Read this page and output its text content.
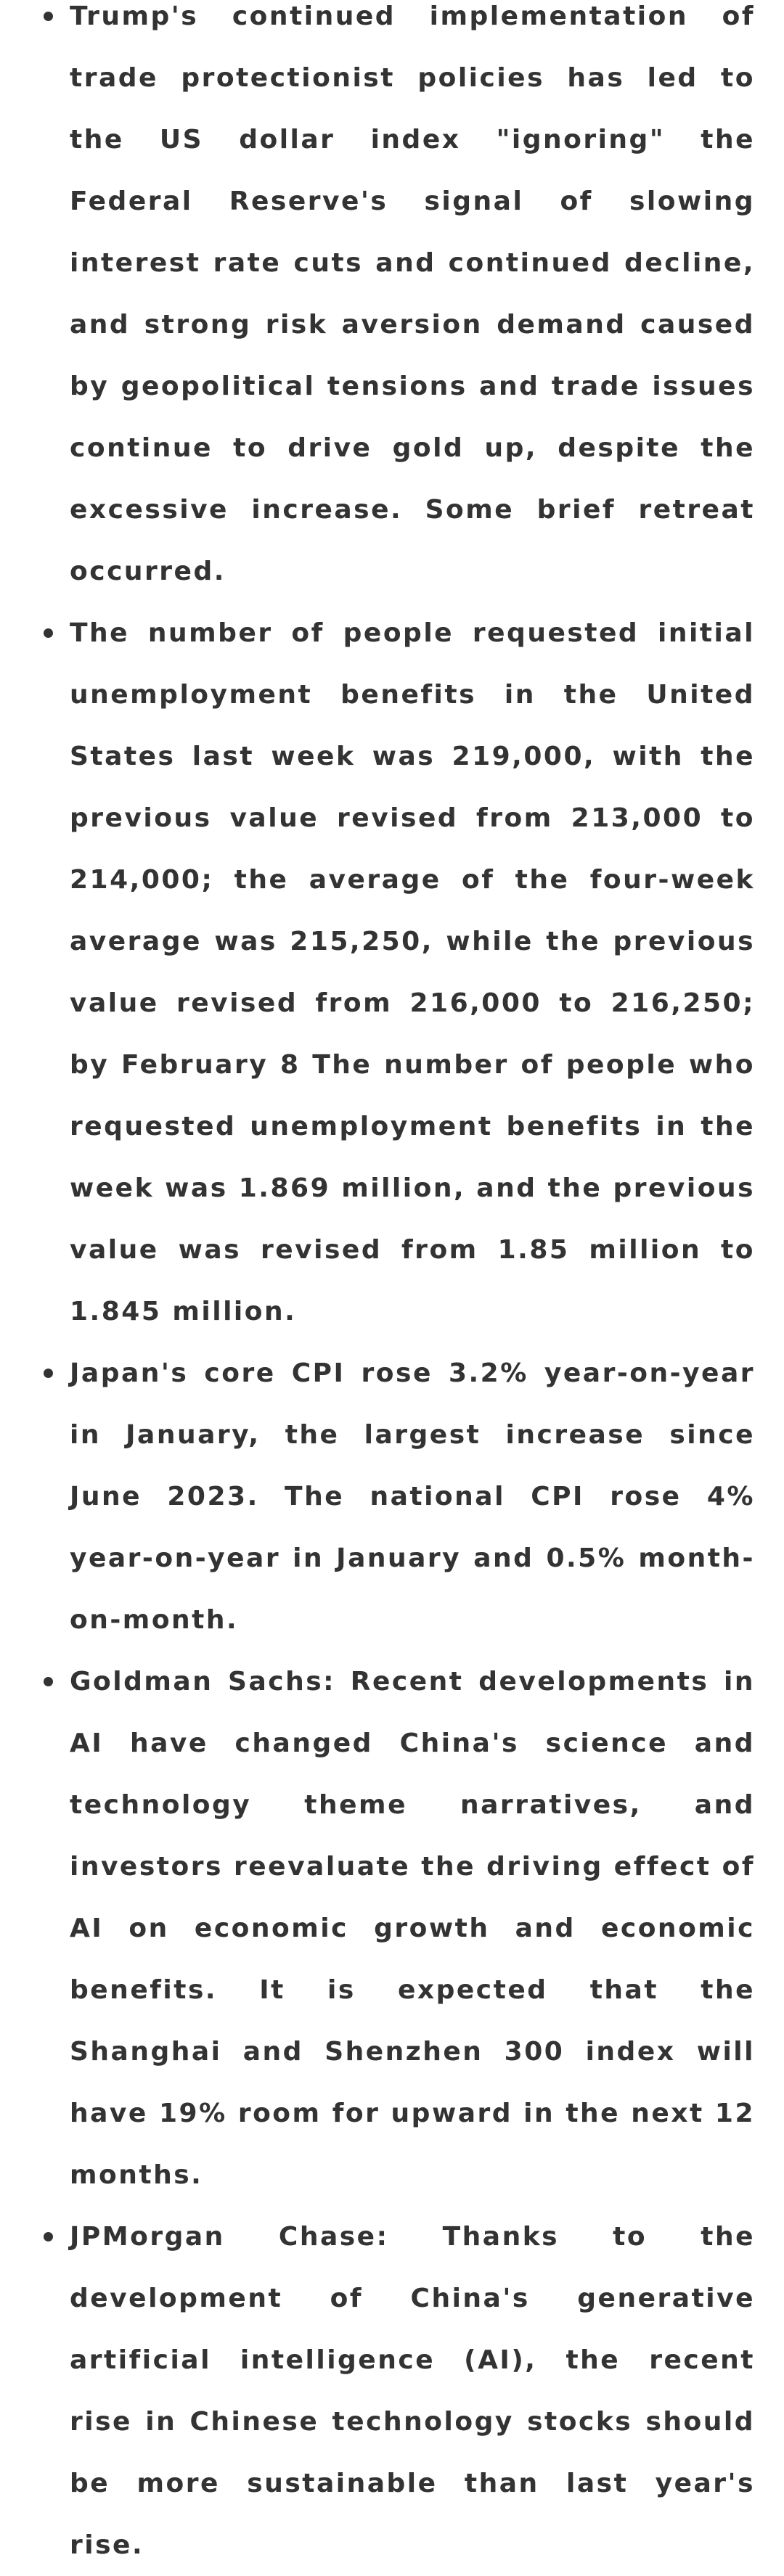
Trump's continued implementation of trade protectionist policies has led to the US dollar index "ignoring" the Federal Reserve's signal of slowing interest rate cuts and continued decline, and strong risk aversion demand caused by geopolitical tensions and trade issues continue to drive gold up, despite the excessive increase. Some brief retreat occurred.
The number of people requested initial unemployment benefits in the United States last week was 219,000, with the previous value revised from 213,000 to 214,000; the average of the four-week average was 215,250, while the previous value revised from 216,000 to 216,250; by February 8 The number of people who requested unemployment benefits in the week was 1.869 million, and the previous value was revised from 1.85 million to 1.845 million.
Japan's core CPI rose 3.2% year-on-year in January, the largest increase since June 2023. The national CPI rose 4% year-on-year in January and 0.5% month-on-month.
Goldman Sachs: Recent developments in AI have changed China's science and technology theme narratives, and investors reevaluate the driving effect of AI on economic growth and economic benefits. It is expected that the Shanghai and Shenzhen 300 index will have 19% room for upward in the next 12 months.
JPMorgan Chase: Thanks to the development of China's generative artificial intelligence (AI), the recent rise in Chinese technology stocks should be more sustainable than last year's rise.
